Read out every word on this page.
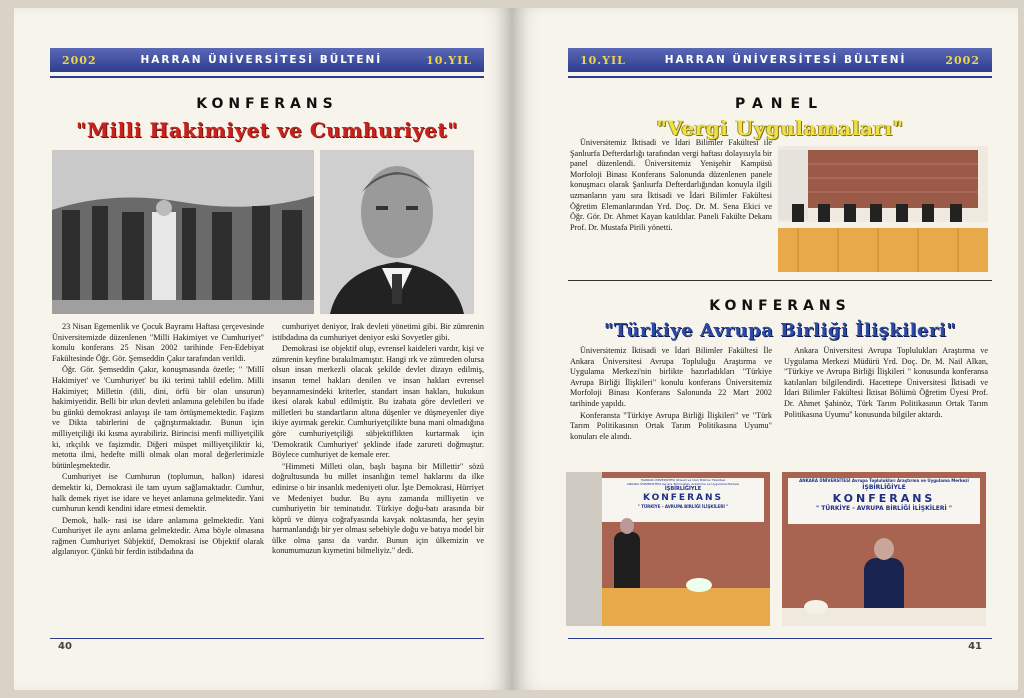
2002	HARRAN ÜNİVERSİTESİ BÜLTENİ	10.YIL
KONFERANS
"Milli Hakimiyet ve Cumhuriyet"

23 Nisan Egemenlik ve Çocuk Bayramı Haftası çerçevesinde Üniversitemizde düzenlenen "Milli Hakimiyet ve Cumhuriyet" konulu konferans 25 Nisan 2002 tarihinde Fen-Edebiyat Fakültesinde Öğr. Gör. Şemseddin Çakır tarafından verildi.

Öğr. Gör. Şemseddin Çakır, konuşmasında özetle; " 'Millî Hakimiyet' ve 'Cumhuriyet' bu iki terimi tahlil edelim. Milli Hakimiyet; Milletin (dili, dini, örfü bir olan unsurun) hakimiyetidir. Belli bir ırkın devleti anlamına gelebilen bu ifade bu günkü demokrasi anlayışı ile tam örtüşmemektedir. Faşizm ve Dikta tabirlerini de çağrıştırmaktadır. Bunun için milliyetçiliği iki kısma ayırabiliriz. Birincisi menfi milliyetçilik ki, ırkçılık ve faşizmdir. Diğeri müspet milliyetçiliktir ki, metotta ilmi, hedefte milli olmak olan moral değerlerimizle bütünleşmektedir.

Cumhuriyet ise Cumhurun (toplumun, halkın) idaresi demektir ki, Demokrasi ile tam uyum sağlamaktadır. Cumhur, halk demek riyet ise idare ve heyet anlamına gelmektedir. Yani cumhurun kendi kendini idare etmesi demektir.

Demok, halk- rasi ise idare anlamına gelmektedir. Yani Cumhuriyet ile aynı anlama gelmektedir. Ama böyle olmasına rağmen Cumhuriyet Sübjektif, Demokrasi ise Objektif olarak algılanıyor. Çünkü bir ferdin istibdadına da

cumhuriyet deniyor, Irak devleti yönetimi gibi. Bir zümrenin istibdadına da cumhuriyet deniyor eski Sovyetler gibi.

Demokrasi ise objektif olup, evrensel kaideleri vardır, kişi ve zümrenin keyfine bırakılmamıştır. Hangi ırk ve zümreden olursa olsun insan merkezli olacak şekilde devlet dizayn edilmiş, insanın temel hakları denilen ve insan hakları evrensel beyannamesindeki kriterler, standart insan hakları, hukukun ikesi olarak kabul edilmiştir. Bu izahata göre devletleri ve milletleri bu standartların altına düşenler ve düşmeyenler diye ikiye ayırmak gerekir. Cumhuriyetçilikte buna mani olmadığına göre cumhuriyetçiliği sübjektiflikten kurtarmak için 'Demokratik Cumhuriyet' şeklinde ifade zarureti doğmuştur. Böylece cumhuriyet de kemale erer.

"Himmeti Milleti olan, başlı başına bir Millettir" sözü doğrultusunda bu millet insanlığın temel haklarını da ilke edinirse o bir insanlık medeniyeti olur. İşte Demokrasi, Hürriyet ve Medeniyet budur. Bu aynı zamanda milliyetin ve cumhuriyetin bir teminatıdır. Türkiye doğu-batı arasında bir köprü ve dünya coğrafyasında kavşak noktasında, her şeyin harmanlandığı bir yer olması sebebiyle doğu ve batıya model bir ülke olma şansı da vardır. Bunun için ülkemizin ve konumumuzun kıymetini bilmeliyiz." dedi.

40
10.YIL	HARRAN ÜNİVERSİTESİ BÜLTENİ	2002
PANEL
"Vergi Uygulamaları"

Üniversitemiz İktisadi ve İdari Bilimler Fakültesi ile Şanlıurfa Defterdarlığı tarafından vergi haftası dolayısıyla bir panel düzenlendi. Üniversitemiz Yenişehir Kampüsü Morfoloji Binası Konferans Salonunda düzenlenen panele konuşmacı olarak Şanlıurfa Defterdarlığından konuyla ilgili uzmanların yanı sıra İktisadi ve İdari Bilimler Fakültesi Öğretim Elemanlarından Yrd. Doç. Dr. M. Sena Ekici ve Öğr. Gör. Dr. Ahmet Kayan katıldılar. Paneli Fakülte Dekanı Prof. Dr. Mustafa Pirili yönetti.

KONFERANS
"Türkiye Avrupa Birliği İlişkileri"

Üniversitemiz İktisadi ve İdari Bilimler Fakültesi İle Ankara Üniversitesi Avrupa Topluluğu Araştırma ve Uygulama Merkezi'nin birlikte hazırladıkları "Türkiye Avrupa Birliği İlişkileri" konulu konferans Üniversitemiz Morfoloji Binası Konferans Salonunda 22 Mart 2002 tarihinde yapıldı.

Konferansta "Türkiye Avrupa Birliği İlişkileri" ve "Türk Tarım Politikasının Ortak Tarım Politikasına Uyumu" konuları ele alındı.

Ankara Üniversitesi Avrupa Toplulukları Araştırma ve Uygulama Merkezi Müdürü Yrd. Doç. Dr. M. Nail Alkan, "Türkiye ve Avrupa Birliği İlişkileri " konusunda konferansa katılanları bilgilendirdi. Hacettepe Üniversitesi İktisadi ve İdari Bilimler Fakültesi İktisat Bölümü Öğretim Üyesi Prof. Dr. Ahmet Şahinöz, Türk Tarım Politikasının Ortak Tarım Politikasına Uyumu" konusunda bilgiler aktardı.

HARRAN ÜNİVERSİTESİ İktisadi ve İdari Bilimler Fakültesi
ANKARA ÜNİVERSİTESİ Avrupa Toplulukları Araştırma ve Uygulama Merkezi
İŞBİRLİĞİYLE
KONFERANS
" TÜRKİYE - AVRUPA BİRLİĞİ İLİŞKİLERİ "
ANKARA ÜNİVERSİTESİ Avrupa Toplulukları Araştırma ve Uygulama Merkezi
İŞBİRLİĞİYLE
KONFERANS
" TÜRKİYE - AVRUPA BİRLİĞİ İLİŞKİLERİ "
41
